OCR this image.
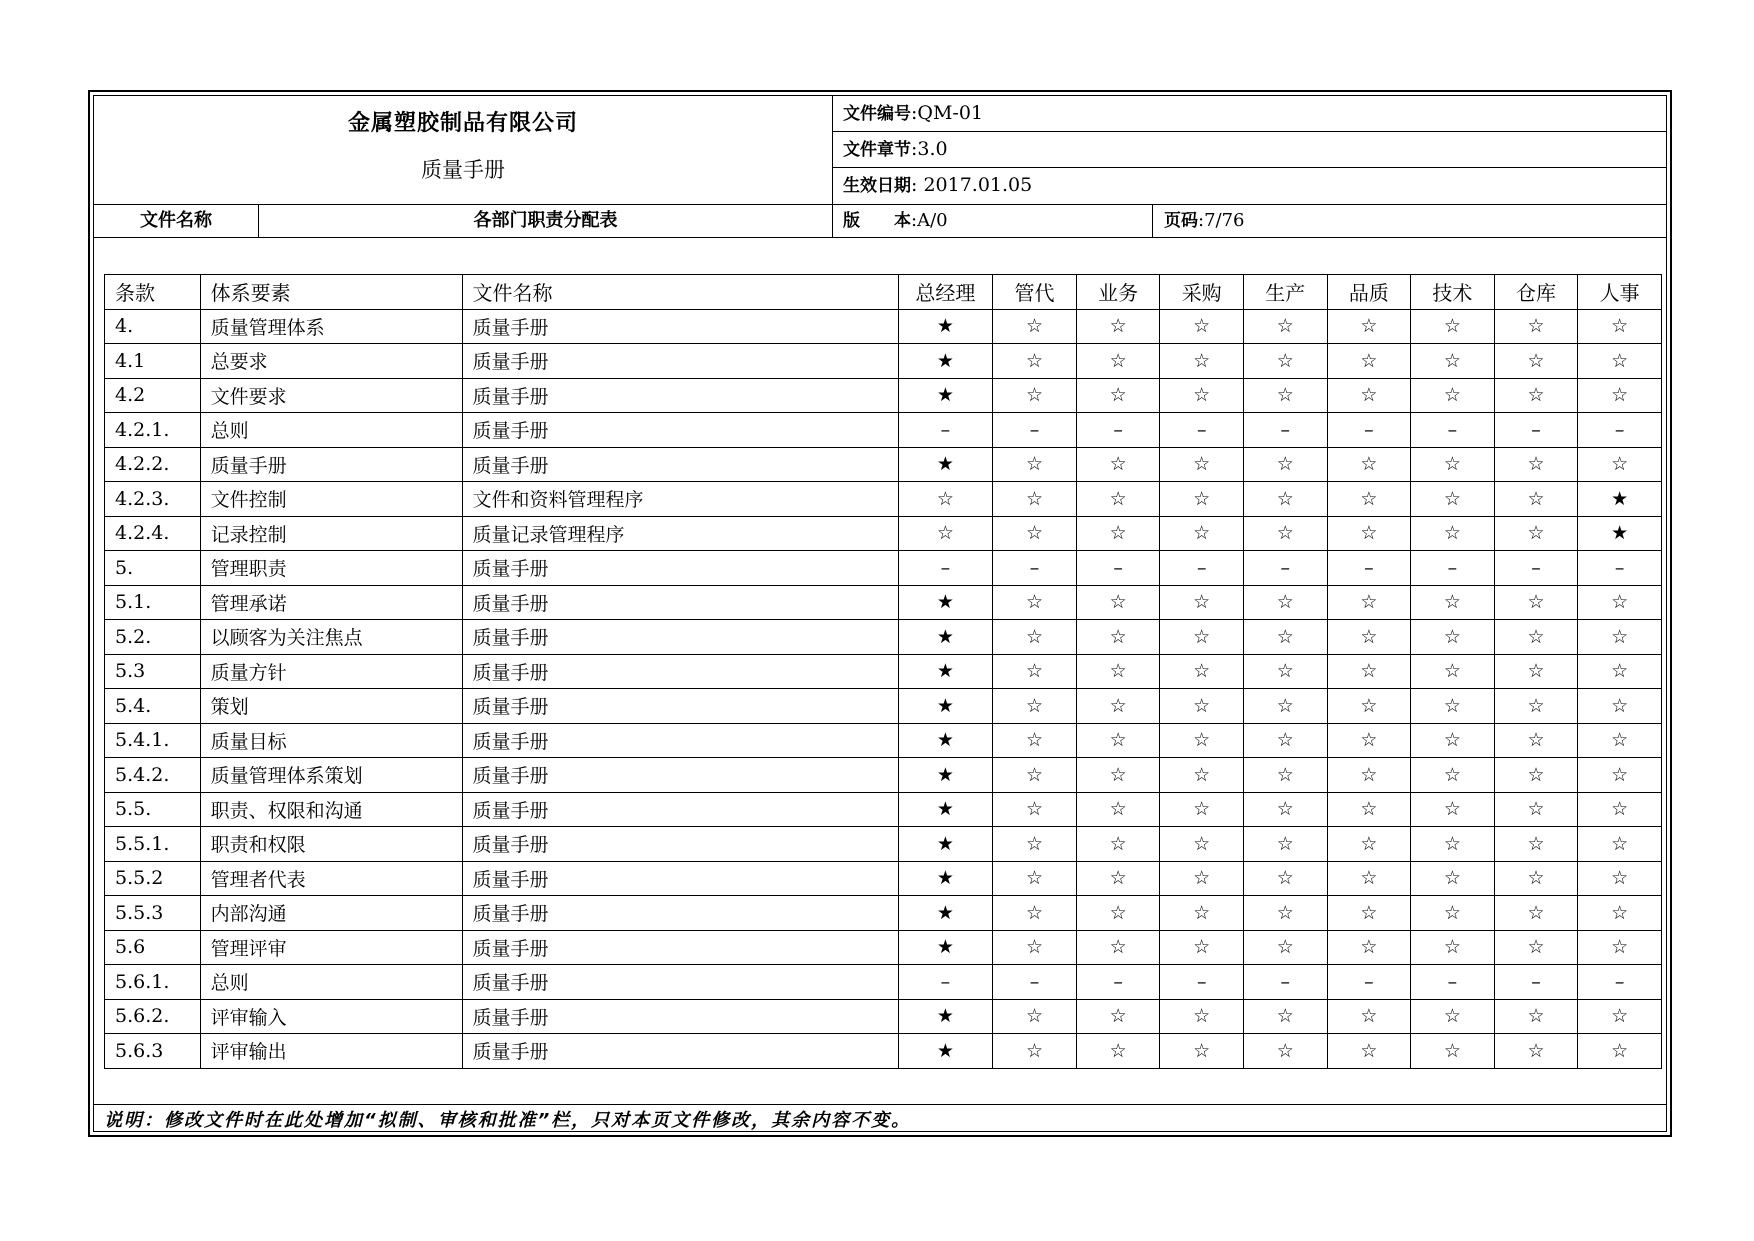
金属塑胶制品有限公司
质量手册
文件编号:QM-01
文件章节:3.0
生效日期: 2017.01.05
文件名称	各部门职责分配表	版　　本:A/0	页码:7/76
条款	体系要素	文件名称	总经理	管代	业务	采购	生产	品质	技术	仓库	人事
4.	质量管理体系	质量手册	★	☆	☆	☆	☆	☆	☆	☆	☆
4.1	总要求	质量手册	★	☆	☆	☆	☆	☆	☆	☆	☆
4.2	文件要求	质量手册	★	☆	☆	☆	☆	☆	☆	☆	☆
4.2.1.	总则	质量手册	–	–	–	–	–	–	–	–	–
4.2.2.	质量手册	质量手册	★	☆	☆	☆	☆	☆	☆	☆	☆
4.2.3.	文件控制	文件和资料管理程序	☆	☆	☆	☆	☆	☆	☆	☆	★
4.2.4.	记录控制	质量记录管理程序	☆	☆	☆	☆	☆	☆	☆	☆	★
5.	管理职责	质量手册	–	–	–	–	–	–	–	–	–
5.1.	管理承诺	质量手册	★	☆	☆	☆	☆	☆	☆	☆	☆
5.2.	以顾客为关注焦点	质量手册	★	☆	☆	☆	☆	☆	☆	☆	☆
5.3	质量方针	质量手册	★	☆	☆	☆	☆	☆	☆	☆	☆
5.4.	策划	质量手册	★	☆	☆	☆	☆	☆	☆	☆	☆
5.4.1.	质量目标	质量手册	★	☆	☆	☆	☆	☆	☆	☆	☆
5.4.2.	质量管理体系策划	质量手册	★	☆	☆	☆	☆	☆	☆	☆	☆
5.5.	职责、权限和沟通	质量手册	★	☆	☆	☆	☆	☆	☆	☆	☆
5.5.1.	职责和权限	质量手册	★	☆	☆	☆	☆	☆	☆	☆	☆
5.5.2	管理者代表	质量手册	★	☆	☆	☆	☆	☆	☆	☆	☆
5.5.3	内部沟通	质量手册	★	☆	☆	☆	☆	☆	☆	☆	☆
5.6	管理评审	质量手册	★	☆	☆	☆	☆	☆	☆	☆	☆
5.6.1.	总则	质量手册	–	–	–	–	–	–	–	–	–
5.6.2.	评审输入	质量手册	★	☆	☆	☆	☆	☆	☆	☆	☆
5.6.3	评审输出	质量手册	★	☆	☆	☆	☆	☆	☆	☆	☆
说明：修改文件时在此处增加“拟制、审核和批准”栏，只对本页文件修改，其余内容不变。
